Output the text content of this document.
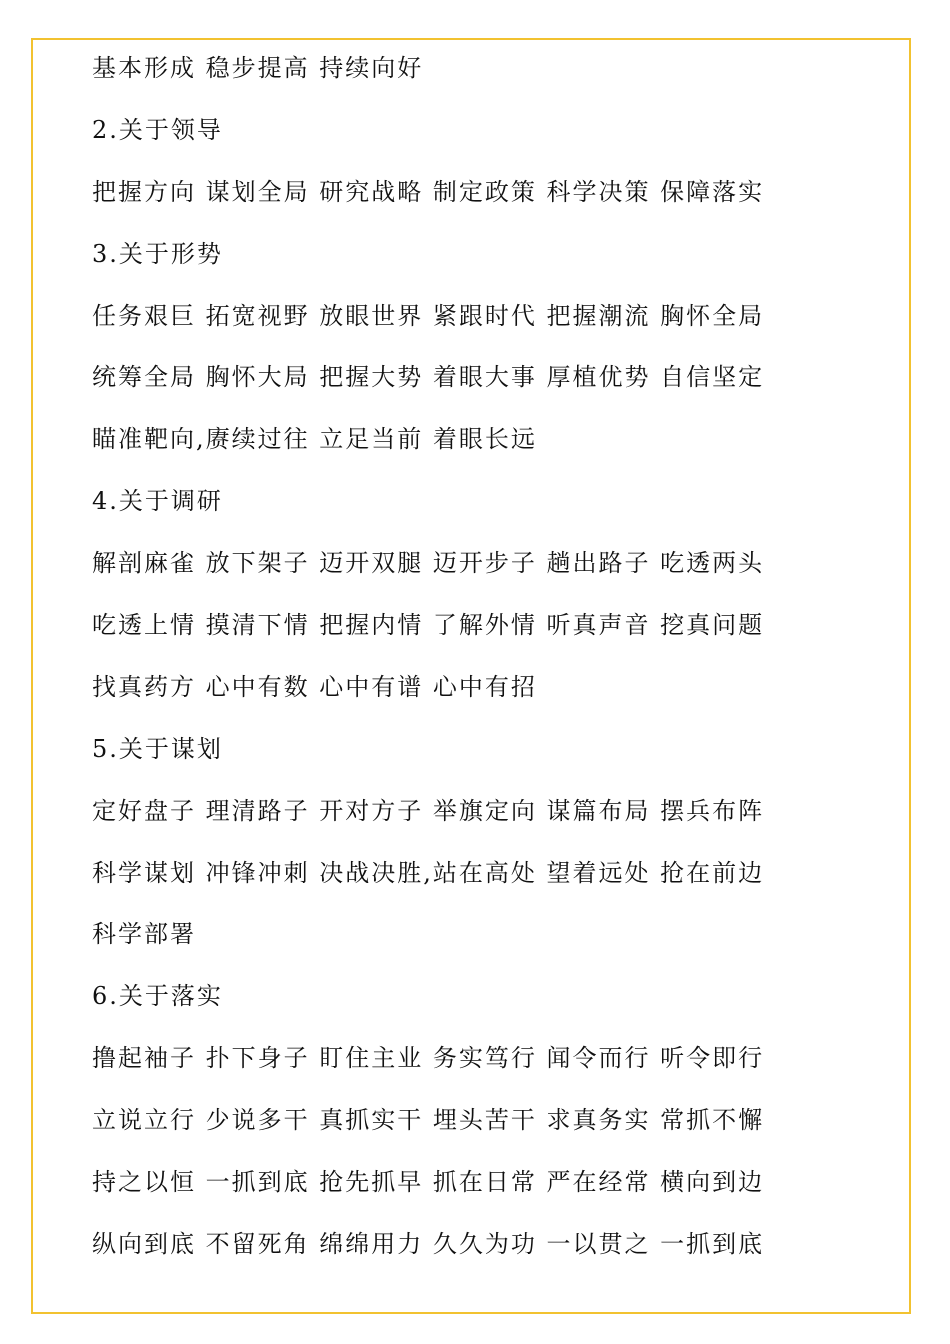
基本形成 稳步提高 持续向好
2.关于领导
把握方向 谋划全局 研究战略 制定政策 科学决策 保障落实
3.关于形势
任务艰巨 拓宽视野 放眼世界 紧跟时代 把握潮流 胸怀全局
统筹全局 胸怀大局 把握大势 着眼大事 厚植优势 自信坚定
瞄准靶向,赓续过往 立足当前 着眼长远
4.关于调研
解剖麻雀 放下架子 迈开双腿 迈开步子 趟出路子 吃透两头
吃透上情 摸清下情 把握内情 了解外情 听真声音 挖真问题
找真药方 心中有数 心中有谱 心中有招
5.关于谋划
定好盘子 理清路子 开对方子 举旗定向 谋篇布局 摆兵布阵
科学谋划 冲锋冲刺 决战决胜,站在高处 望着远处 抢在前边
科学部署
6.关于落实
撸起袖子 扑下身子 盯住主业 务实笃行 闻令而行 听令即行
立说立行 少说多干 真抓实干 埋头苦干 求真务实 常抓不懈
持之以恒 一抓到底 抢先抓早 抓在日常 严在经常 横向到边
纵向到底 不留死角 绵绵用力 久久为功 一以贯之 一抓到底
